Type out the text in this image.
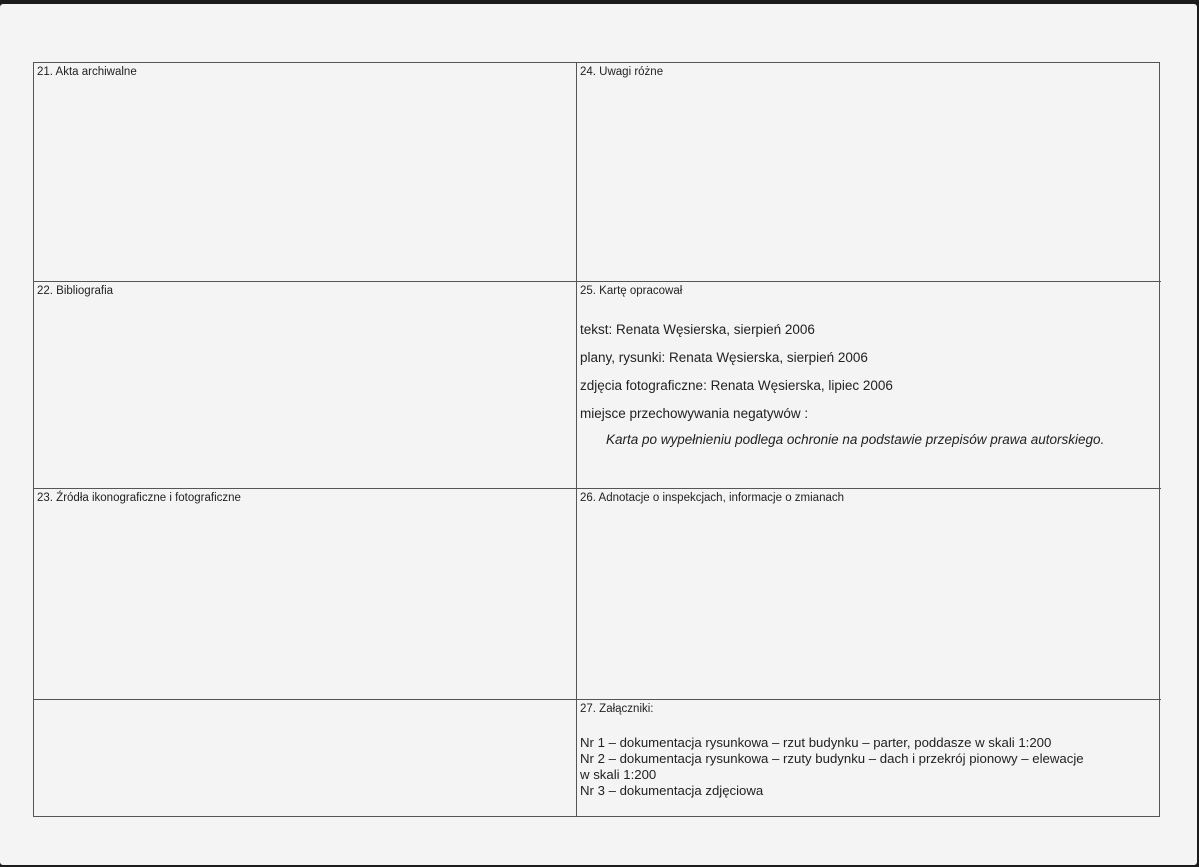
21. Akta archiwalne	24. Uwagi różne
22. Bibliografia	25. Kartę opracował
tekst: Renata Węsierska, sierpień 2006
plany, rysunki: Renata Węsierska, sierpień 2006
zdjęcia fotograficzne: Renata Węsierska, lipiec 2006
miejsce przechowywania negatywów :
Karta po wypełnieniu podlega ochronie na podstawie przepisów prawa autorskiego.
23. Źródła ikonograficzne i fotograficzne	26. Adnotacje o inspekcjach, informacje o zmianach
27. Załączniki:
Nr 1 – dokumentacja rysunkowa – rzut budynku – parter, poddasze w skali 1:200
Nr 2 – dokumentacja rysunkowa – rzuty budynku – dach i przekrój pionowy – elewacje
w skali 1:200
Nr 3 – dokumentacja zdjęciowa
